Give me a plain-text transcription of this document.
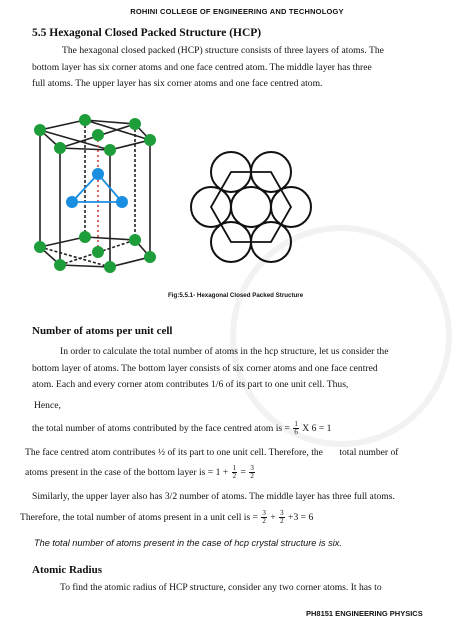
ROHINI COLLEGE OF ENGINEERING AND TECHNOLOGY
5.5 Hexagonal Closed Packed Structure (HCP)
The hexagonal closed packed (HCP) structure consists of three layers of atoms. The
bottom layer has six corner atoms and one face centred atom. The middle layer has three
full atoms. The upper layer has six corner atoms and one face centred atom.
Fig:5.5.1- Hexagonal Closed Packed Structure
Number of atoms per unit cell
In order to calculate the total number of atoms in the hcp structure, let us consider the
bottom layer of atoms. The bottom layer consists of six corner atoms and one face centred
atom. Each and every corner atom contributes 1/6 of its part to one unit cell. Thus,
Hence,
the total number of atoms contributed by the face centred atom is = $\frac{1}{6}$ X 6 = 1
The face centred atom contributes ½ of its part to one unit cell. Therefore, the total number of
atoms present in the case of the bottom layer is = $1 + \frac{1}{2} = \frac{3}{2}$
Similarly, the upper layer also has 3/2 number of atoms. The middle layer has three full atoms.
Therefore, the total number of atoms present in a unit cell is = $\frac{3}{2} + \frac{3}{2} +3 = 6$
The total number of atoms present in the case of hcp crystal structure is six.
Atomic Radius
To find the atomic radius of HCP structure, consider any two corner atoms. It has to
PH8151 ENGINEERING PHYSICS
